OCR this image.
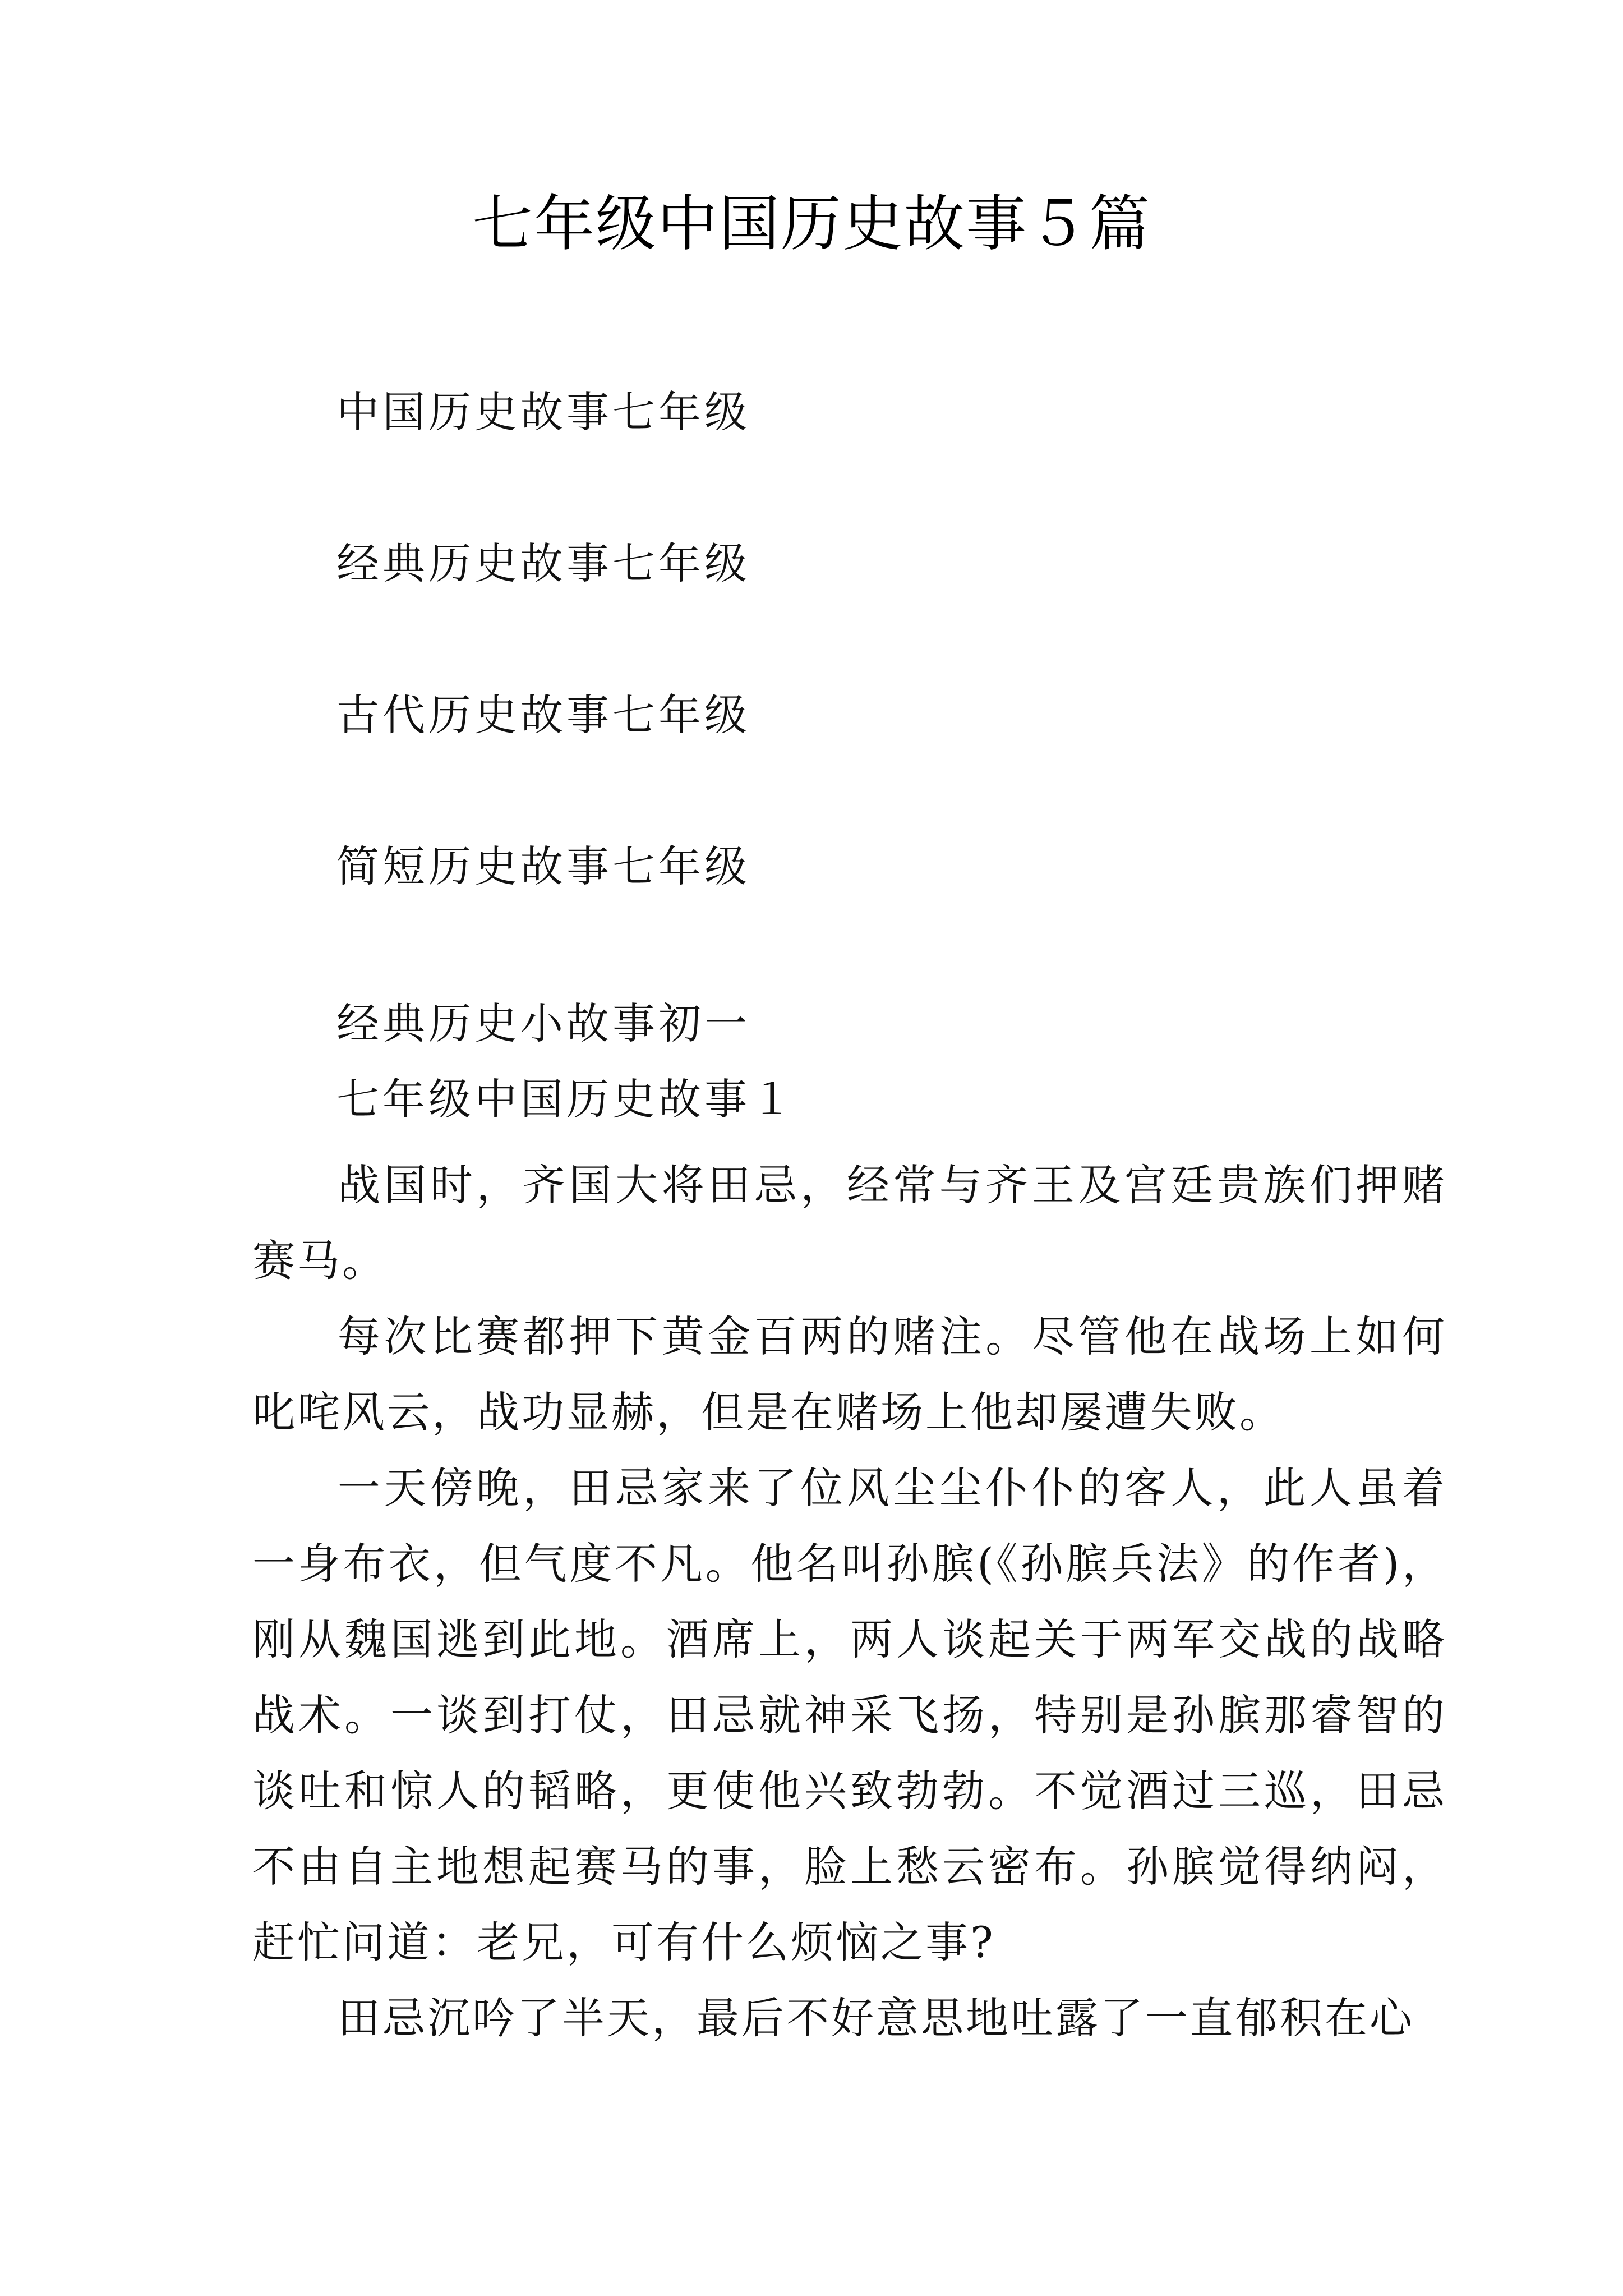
七年级中国历史故事５篇
中国历史故事七年级
经典历史故事七年级
古代历史故事七年级
简短历史故事七年级
经典历史小故事初一
七年级中国历史故事１

战国时，齐国大将田忌，经常与齐王及宫廷贵族们押赌赛马。

每次比赛都押下黄金百两的赌注。尽管他在战场上如何叱咤风云，战功显赫，但是在赌场上他却屡遭失败。

一天傍晚，田忌家来了位风尘尘仆仆的客人，此人虽着一身布衣，但气度不凡。他名叫孙膑(《孙膑兵法》的作者)，刚从魏国逃到此地。酒席上，两人谈起关于两军交战的战略战术。一谈到打仗，田忌就神采飞扬，特别是孙膑那睿智的谈吐和惊人的韬略，更使他兴致勃勃。不觉酒过三巡，田忌不由自主地想起赛马的事，脸上愁云密布。孙膑觉得纳闷，赶忙问道：老兄，可有什么烦恼之事?

田忌沉吟了半天，最后不好意思地吐露了一直郁积在心
